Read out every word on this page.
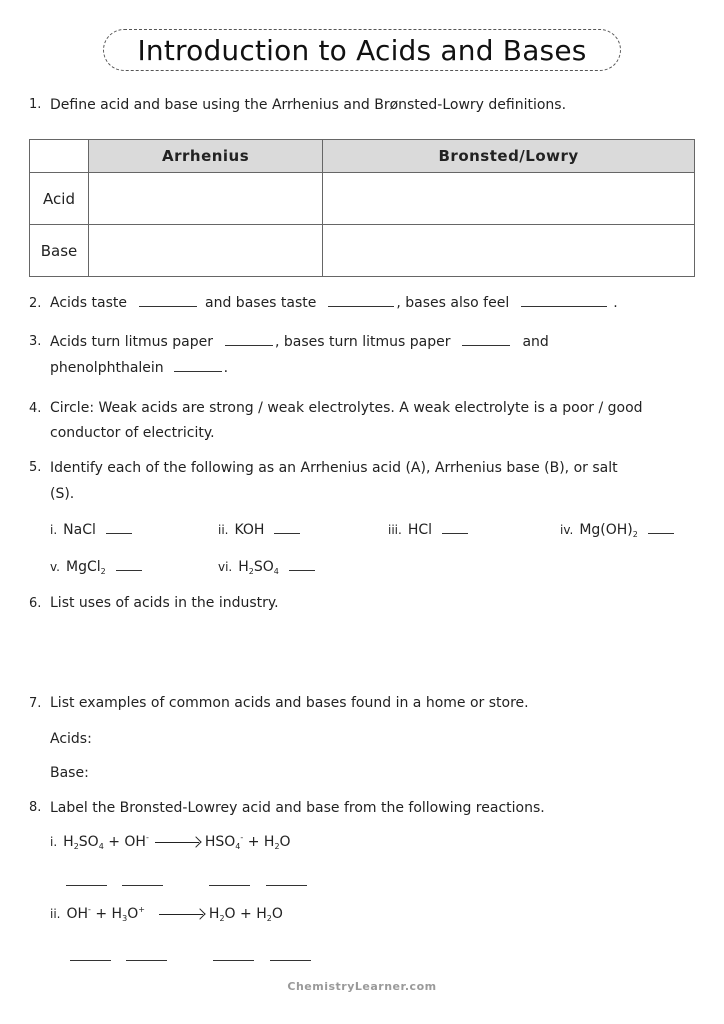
Introduction to Acids and Bases
1. Define acid and base using the Arrhenius and Brønsted-Lowry definitions.
	Arrhenius	Bronsted/Lowry
Acid		
Base		
2. Acids taste	and bases taste	, bases also feel	.
3. Acids turn litmus paper	, bases turn litmus paper	and
phenolphthalein	.
4. Circle: Weak acids are strong / weak electrolytes. A weak electrolyte is a poor / good
conductor of electricity.
5. Identify each of the following as an Arrhenius acid (A), Arrhenius base (B), or salt
(S).
i. NaCl	ii. KOH	iii. HCl	iv. $Mg(OH)_2$
v. MgCl$_2$	vi. $H_2SO_4$
6. List uses of acids in the industry.
7. List examples of common acids and bases found in a home or store.
Acids:
Base:
8. Label the Bronsted-Lowrey acid and base from the following reactions.
i. $H_2SO_4 + OH^-$	$HSO_4^- + H_2O$
ii. $OH^- + H_3O^+$	$H_2O + H_2O$
ChemistryLearner.com
